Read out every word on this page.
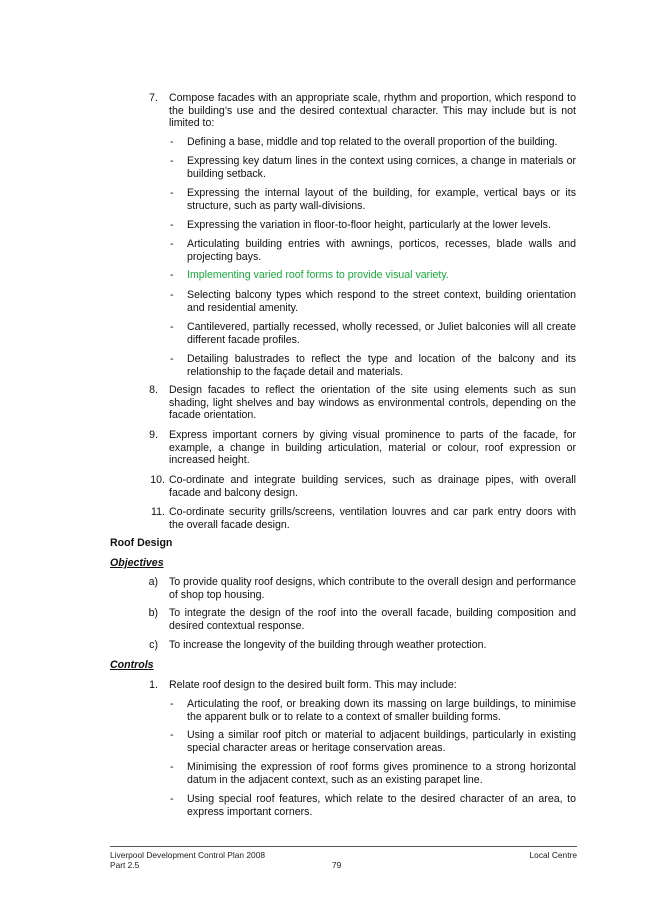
7. Compose facades with an appropriate scale, rhythm and proportion, which respond to the building’s use and the desired contextual character. This may include but is not limited to:
- Defining a base, middle and top related to the overall proportion of the building.
- Expressing key datum lines in the context using cornices, a change in materials or building setback.
- Expressing the internal layout of the building, for example, vertical bays or its structure, such as party wall-divisions.
- Expressing the variation in floor-to-floor height, particularly at the lower levels.
- Articulating building entries with awnings, porticos, recesses, blade walls and projecting bays.
- Implementing varied roof forms to provide visual variety.
- Selecting balcony types which respond to the street context, building orientation and residential amenity.
- Cantilevered, partially recessed, wholly recessed, or Juliet balconies will all create different facade profiles.
- Detailing balustrades to reflect the type and location of the balcony and its relationship to the façade detail and materials.
8. Design facades to reflect the orientation of the site using elements such as sun shading, light shelves and bay windows as environmental controls, depending on the facade orientation.
9. Express important corners by giving visual prominence to parts of the facade, for example, a change in building articulation, material or colour, roof expression or increased height.
10. Co-ordinate and integrate building services, such as drainage pipes, with overall facade and balcony design.
11. Co-ordinate security grills/screens, ventilation louvres and car park entry doors with the overall facade design.
Roof Design
Objectives
a) To provide quality roof designs, which contribute to the overall design and performance of shop top housing.
b) To integrate the design of the roof into the overall facade, building composition and desired contextual response.
c) To increase the longevity of the building through weather protection.
Controls
1. Relate roof design to the desired built form. This may include:
- Articulating the roof, or breaking down its massing on large buildings, to minimise the apparent bulk or to relate to a context of smaller building forms.
- Using a similar roof pitch or material to adjacent buildings, particularly in existing special character areas or heritage conservation areas.
- Minimising the expression of roof forms gives prominence to a strong horizontal datum in the adjacent context, such as an existing parapet line.
- Using special roof features, which relate to the desired character of an area, to express important corners.
Liverpool Development Control Plan 2008
Part 2.5	79
Local Centre
